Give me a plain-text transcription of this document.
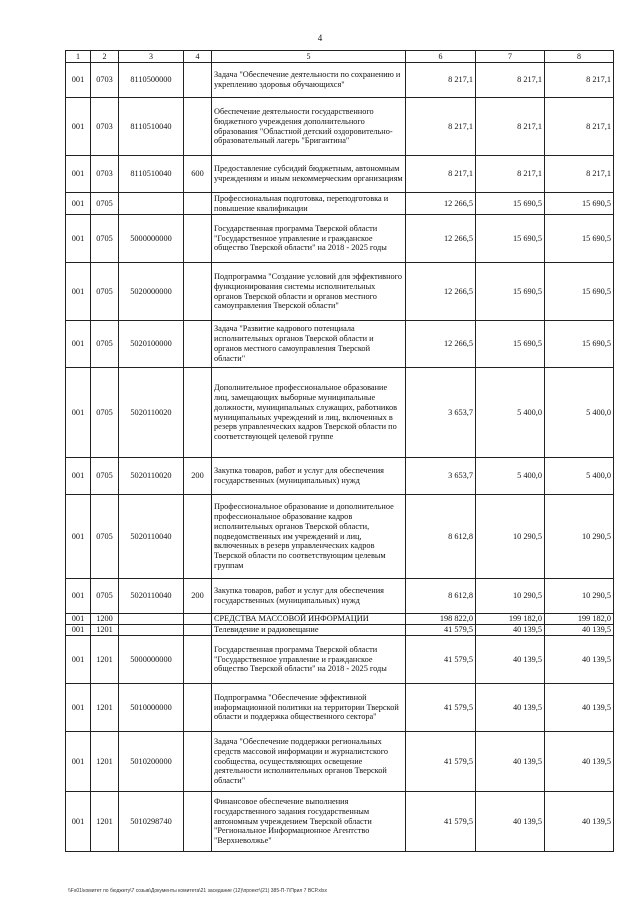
4
1	2	3	4	5	6	7	8
001	0703	8110500000		Задача "Обеспечение деятельности по сохранению и укреплению здоровья обучающихся"	8 217,1	8 217,1	8 217,1
001	0703	8110510040		Обеспечение деятельности государственного бюджетного учреждения дополнительного образования "Областной детский оздоровительно-образовательный лагерь "Бригантина"	8 217,1	8 217,1	8 217,1
001	0703	8110510040	600	Предоставление субсидий бюджетным, автономным учреждениям и иным некоммерческим организациям	8 217,1	8 217,1	8 217,1
001	0705			Профессиональная подготовка, переподготовка и повышение квалификации	12 266,5	15 690,5	15 690,5
001	0705	5000000000		Государственная программа Тверской области "Государственное управление и гражданское общество Тверской области" на 2018 - 2025 годы	12 266,5	15 690,5	15 690,5
001	0705	5020000000		Подпрограмма "Создание условий для эффективного функционирования системы исполнительных органов Тверской области и органов местного самоуправления Тверской области"	12 266,5	15 690,5	15 690,5
001	0705	5020100000		Задача "Развитие кадрового потенциала исполнительных органов Тверской области и органов местного самоуправления Тверской области"	12 266,5	15 690,5	15 690,5
001	0705	5020110020		Дополнительное профессиональное образование лиц, замещающих выборные муниципальные должности, муниципальных служащих, работников муниципальных учреждений и лиц, включенных в резерв управленческих кадров Тверской области по соответствующей целевой группе	3 653,7	5 400,0	5 400,0
001	0705	5020110020	200	Закупка товаров, работ и услуг для обеспечения государственных (муниципальных) нужд	3 653,7	5 400,0	5 400,0
001	0705	5020110040		Профессиональное образование и дополнительное профессиональное образование кадров исполнительных органов Тверской области, подведомственных им учреждений и лиц, включенных в резерв управленческих кадров Тверской области по соответствующим целевым группам	8 612,8	10 290,5	10 290,5
001	0705	5020110040	200	Закупка товаров, работ и услуг для обеспечения государственных (муниципальных) нужд	8 612,8	10 290,5	10 290,5
001	1200			СРЕДСТВА МАССОВОЙ ИНФОРМАЦИИ	198 822,0	199 182,0	199 182,0
001	1201			Телевидение и радиовещание	41 579,5	40 139,5	40 139,5
001	1201	5000000000		Государственная программа Тверской области "Государственное управление и гражданское общество Тверской области" на 2018 - 2025 годы	41 579,5	40 139,5	40 139,5
001	1201	5010000000		Подпрограмма "Обеспечение эффективной информационной политики на территории Тверской области и поддержка общественного сектора"	41 579,5	40 139,5	40 139,5
001	1201	5010200000		Задача "Обеспечение поддержки региональных средств массовой информации и журналистского сообщества, осуществляющих освещение деятельности исполнительных органов Тверской области"	41 579,5	40 139,5	40 139,5
001	1201	5010298740		Финансовое обеспечение выполнения государственного задания государственным автономным учреждением Тверской области "Региональное Информационное Агентство "Верхневолжье"	41 579,5	40 139,5	40 139,5
\\Fs01\комитет по бюджету\7 созыв\Документы комитета\21 заседание (12)\проект\(21) 385-П-7\Прил 7 ВСР.xlsx
